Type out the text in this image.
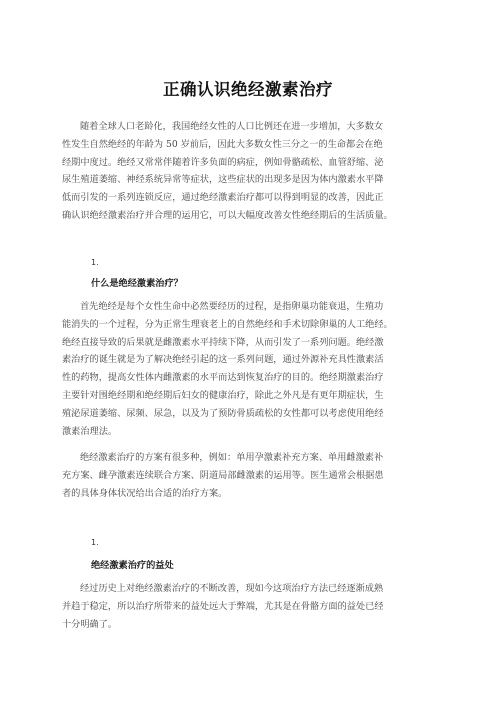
正确认识绝经激素治疗

随着全球人口老龄化，我国绝经女性的人口比例还在进一步增加，大多数女
性发生自然绝经的年龄为 50 岁前后，因此大多数女性三分之一的生命都会在绝
经期中度过。绝经又常常伴随着许多负面的病症，例如骨骼疏松、血管舒缩、泌
尿生殖道萎缩、神经系统异常等症状，这些症状的出现多是因为体内激素水平降
低而引发的一系列连锁反应，通过绝经激素治疗都可以得到明显的改善，因此正
确认识绝经激素治疗并合理的运用它，可以大幅度改善女性绝经期后的生活质量。

1.
什么是绝经激素治疗？

首先绝经是每个女性生命中必然要经历的过程，是指卵巢功能衰退，生殖功
能消失的一个过程，分为正常生理衰老上的自然绝经和手术切除卵巢的人工绝经。
绝经直接导致的后果就是雌激素水平持续下降，从而引发了一系列问题。绝经激
素治疗的诞生就是为了解决绝经引起的这一系列问题，通过外源补充具性激素活
性的药物，提高女性体内雌激素的水平而达到恢复治疗的目的。绝经期激素治疗
主要针对围绝经期和绝经期后妇女的健康治疗，除此之外凡是有更年期症状，生
殖泌尿道萎缩、尿频、尿急，以及为了预防骨质疏松的女性都可以考虑使用绝经
激素治理法。

绝经激素治疗的方案有很多种，例如：单用孕激素补充方案、单用雌激素补
充方案、雌孕激素连续联合方案、阴道局部雌激素的运用等。医生通常会根据患
者的具体身体状况给出合适的治疗方案。

1.
绝经激素治疗的益处

经过历史上对绝经激素治疗的不断改善，现如今这项治疗方法已经逐渐成熟
并趋于稳定，所以治疗所带来的益处远大于弊端，尤其是在骨骼方面的益处已经
十分明确了。
